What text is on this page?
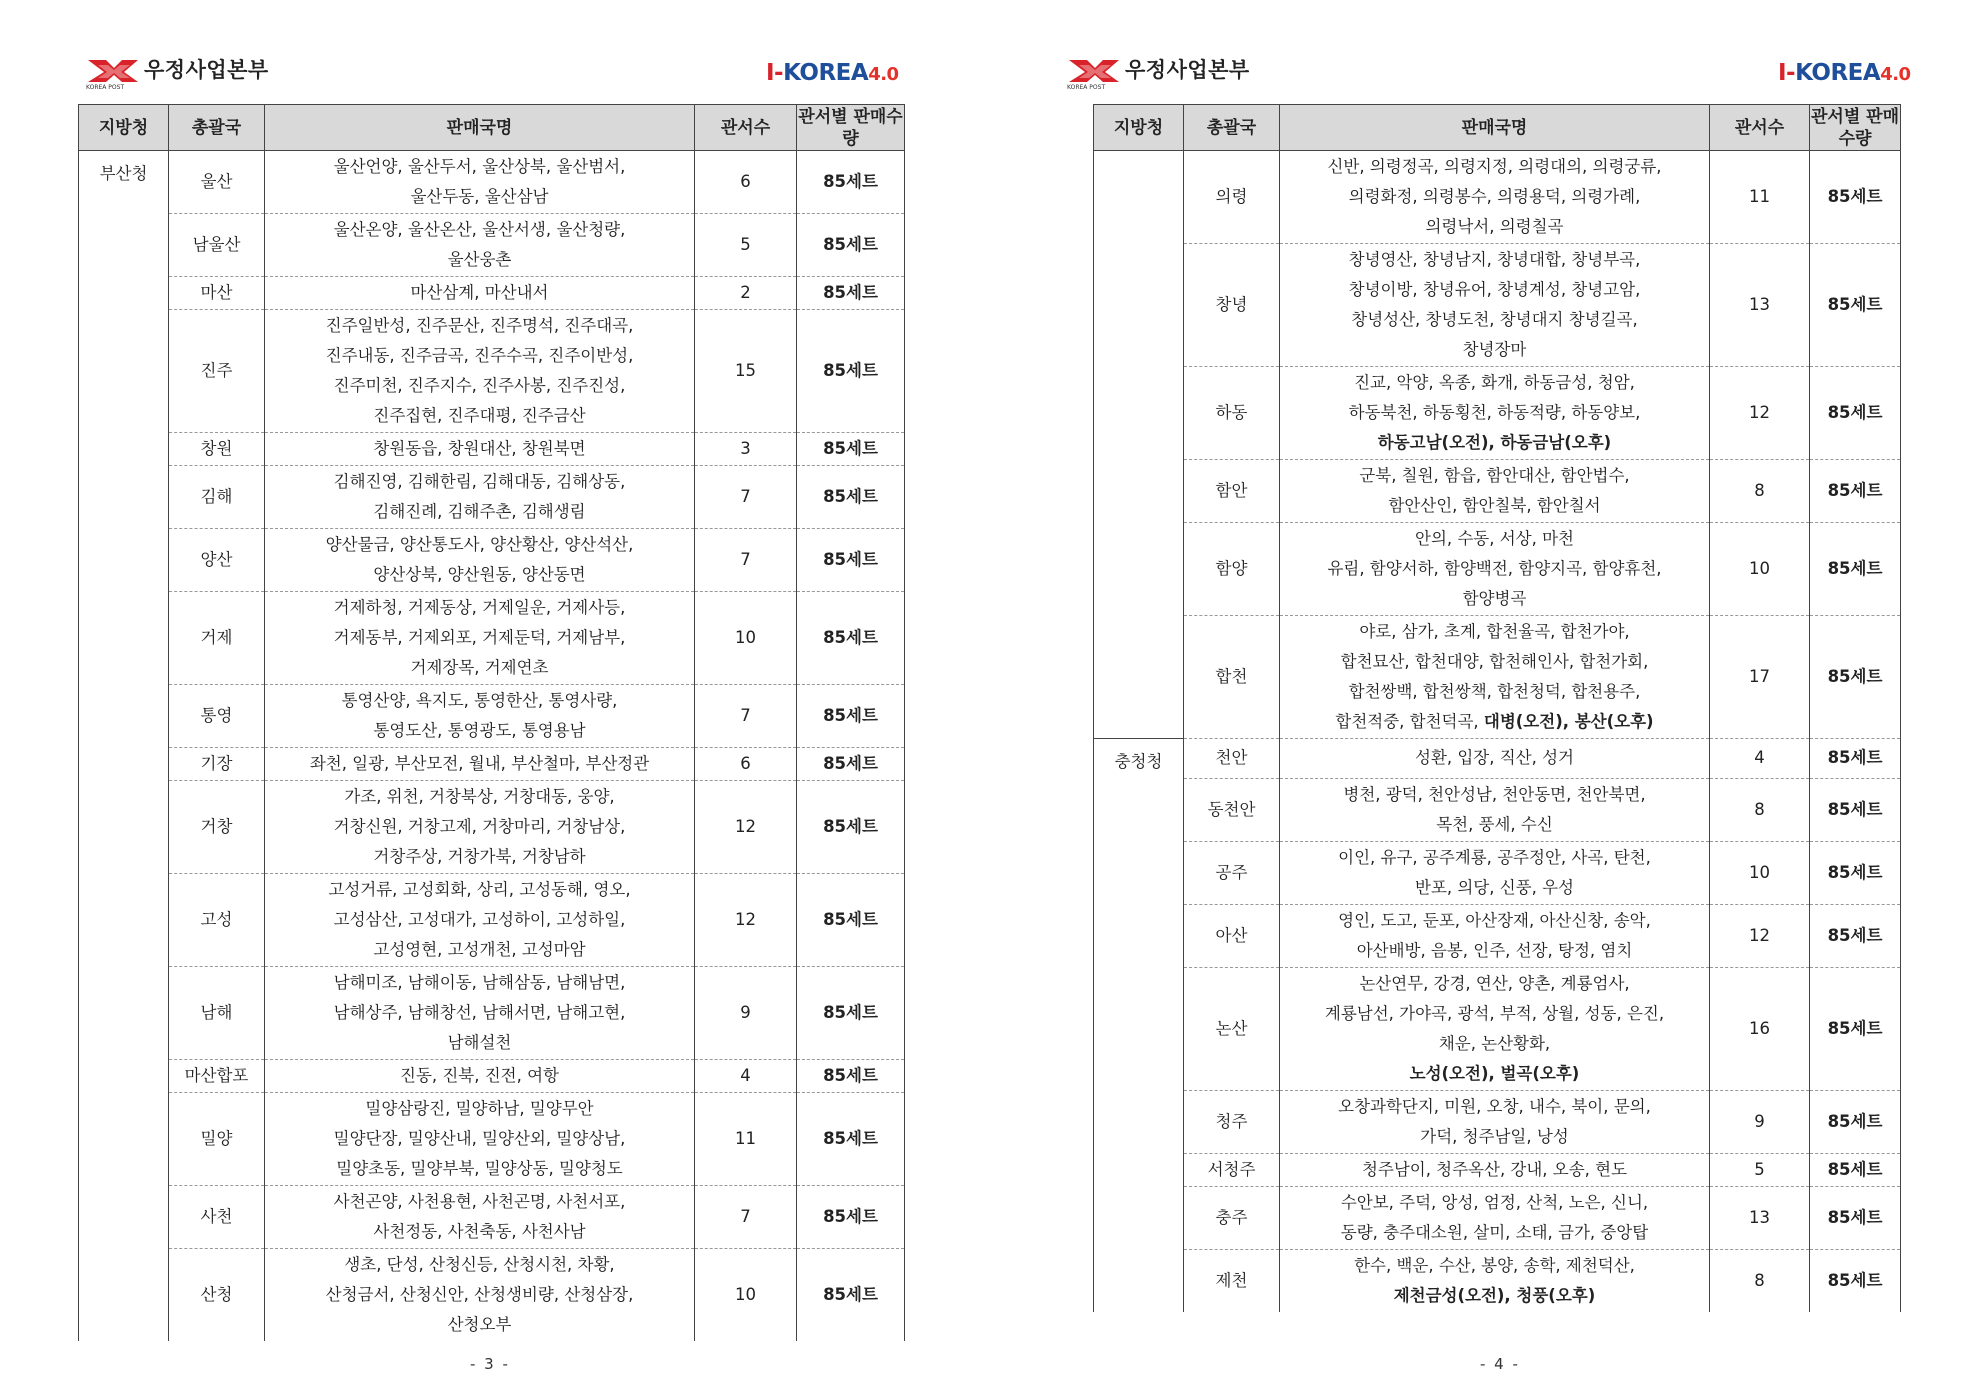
KOREA POST
우정사업본부	I-KOREA4.0
지방청	총괄국	판매국명	관서수	관서별 판매수량
부산청	울산	울산언양, 울산두서, 울산상북, 울산범서,
울산두동, 울산삼남	6	85세트
	남울산	울산온양, 울산온산, 울산서생, 울산청량,
울산웅촌	5	85세트
	마산	마산삼계, 마산내서	2	85세트
	진주	진주일반성, 진주문산, 진주명석, 진주대곡,
진주내동, 진주금곡, 진주수곡, 진주이반성,
진주미천, 진주지수, 진주사봉, 진주진성,
진주집현, 진주대평, 진주금산	15	85세트
	창원	창원동읍, 창원대산, 창원북면	3	85세트
	김해	김해진영, 김해한림, 김해대동, 김해상동,
김해진례, 김해주촌, 김해생림	7	85세트
	양산	양산물금, 양산통도사, 양산황산, 양산석산,
양산상북, 양산원동, 양산동면	7	85세트
	거제	거제하청, 거제동상, 거제일운, 거제사등,
거제동부, 거제외포, 거제둔덕, 거제남부,
거제장목, 거제연초	10	85세트
	통영	통영산양, 욕지도, 통영한산, 통영사량,
통영도산, 통영광도, 통영용남	7	85세트
	기장	좌천, 일광, 부산모전, 월내, 부산철마, 부산정관	6	85세트
	거창	가조, 위천, 거창북상, 거창대동, 웅양,
거창신원, 거창고제, 거창마리, 거창남상,
거창주상, 거창가북, 거창남하	12	85세트
	고성	고성거류, 고성회화, 상리, 고성동해, 영오,
고성삼산, 고성대가, 고성하이, 고성하일,
고성영현, 고성개천, 고성마암	12	85세트
	남해	남해미조, 남해이동, 남해삼동, 남해남면,
남해상주, 남해창선, 남해서면, 남해고현,
남해설천	9	85세트
	마산합포	진동, 진북, 진전, 여항	4	85세트
	밀양	밀양삼랑진, 밀양하남, 밀양무안
밀양단장, 밀양산내, 밀양산외, 밀양상남,
밀양초동, 밀양부북, 밀양상동, 밀양청도	11	85세트
	사천	사천곤양, 사천용현, 사천곤명, 사천서포,
사천정동, 사천축동, 사천사남	7	85세트
	산청	생초, 단성, 산청신등, 산청시천, 차황,
산청금서, 산청신안, 산청생비량, 산청삼장,
산청오부	10	85세트
- 3 -
KOREA POST
우정사업본부	I-KOREA4.0
지방청	총괄국	판매국명	관서수	관서별 판매수량
	의령	신반, 의령정곡, 의령지정, 의령대의, 의령궁류,
의령화정, 의령봉수, 의령용덕, 의령가례,
의령낙서, 의령칠곡	11	85세트
	창녕	창녕영산, 창녕남지, 창녕대합, 창녕부곡,
창녕이방, 창녕유어, 창녕계성, 창녕고암,
창녕성산, 창녕도천, 창녕대지 창녕길곡,
창녕장마	13	85세트
	하동	진교, 악양, 옥종, 화개, 하동금성, 청암,
하동북천, 하동횡천, 하동적량, 하동양보,
하동고남(오전), 하동금남(오후)	12	85세트
	함안	군북, 칠원, 함읍, 함안대산, 함안법수,
함안산인, 함안칠북, 함안칠서	8	85세트
	함양	안의, 수동, 서상, 마천
유림, 함양서하, 함양백전, 함양지곡, 함양휴천,
함양병곡	10	85세트
	합천	야로, 삼가, 초계, 합천율곡, 합천가야,
합천묘산, 합천대양, 합천해인사, 합천가회,
합천쌍백, 합천쌍책, 합천청덕, 합천용주,
합천적중, 합천덕곡, 대병(오전), 봉산(오후)	17	85세트
충청청	천안	성환, 입장, 직산, 성거	4	85세트
	동천안	병천, 광덕, 천안성남, 천안동면, 천안북면,
목천, 풍세, 수신	8	85세트
	공주	이인, 유구, 공주계룡, 공주정안, 사곡, 탄천,
반포, 의당, 신풍, 우성	10	85세트
	아산	영인, 도고, 둔포, 아산장재, 아산신창, 송악,
아산배방, 음봉, 인주, 선장, 탕정, 염치	12	85세트
	논산	논산연무, 강경, 연산, 양촌, 계룡엄사,
계룡남선, 가야곡, 광석, 부적, 상월, 성동, 은진,
채운, 논산황화,
노성(오전), 벌곡(오후)	16	85세트
	청주	오창과학단지, 미원, 오창, 내수, 북이, 문의,
가덕, 청주남일, 낭성	9	85세트
	서청주	청주남이, 청주옥산, 강내, 오송, 현도	5	85세트
	충주	수안보, 주덕, 앙성, 엄정, 산척, 노은, 신니,
동량, 충주대소원, 살미, 소태, 금가, 중앙탑	13	85세트
	제천	한수, 백운, 수산, 봉양, 송학, 제천덕산,
제천금성(오전), 청풍(오후)	8	85세트
- 4 -
